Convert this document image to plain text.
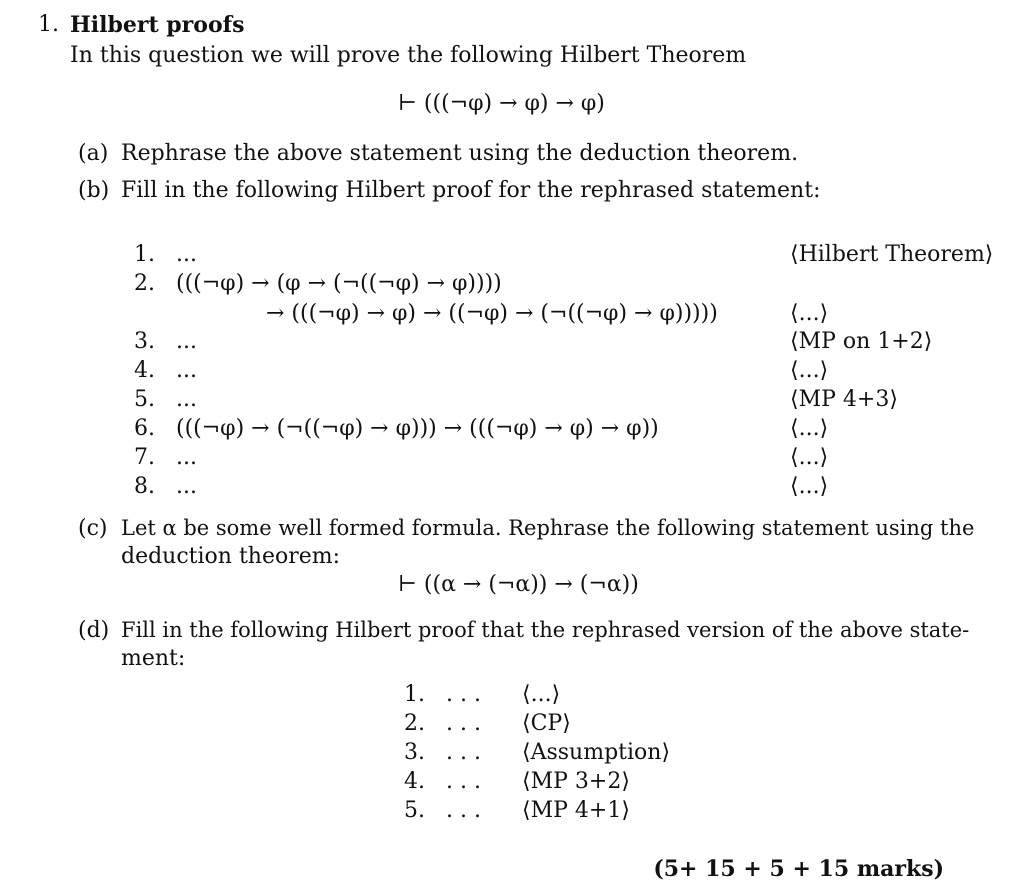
1. Hilbert proofs
In this question we will prove the following Hilbert Theorem
⊢ (((¬φ) → φ) → φ)
(a) Rephrase the above statement using the deduction theorem.
(b) Fill in the following Hilbert proof for the rephrased statement:
1. ...	⟨Hilbert Theorem⟩
2. (((¬φ) → (φ → (¬((¬φ) → φ))))
→ (((¬φ) → φ) → ((¬φ) → (¬((¬φ) → φ)))))	⟨...⟩
3. ...	⟨MP on 1+2⟩
4. ...	⟨...⟩
5. ...	⟨MP 4+3⟩
6. (((¬φ) → (¬((¬φ) → φ))) → (((¬φ) → φ) → φ))	⟨...⟩
7. ...	⟨...⟩
8. ...	⟨...⟩
(c) Let α be some well formed formula. Rephrase the following statement using the
deduction theorem:
⊢ ((α → (¬α)) → (¬α))
(d) Fill in the following Hilbert proof that the rephrased version of the above state-
ment:
1. . . . ⟨...⟩
2. . . . ⟨CP⟩
3. . . . ⟨Assumption⟩
4. . . . ⟨MP 3+2⟩
5. . . . ⟨MP 4+1⟩
(5+ 15 + 5 + 15 marks)
